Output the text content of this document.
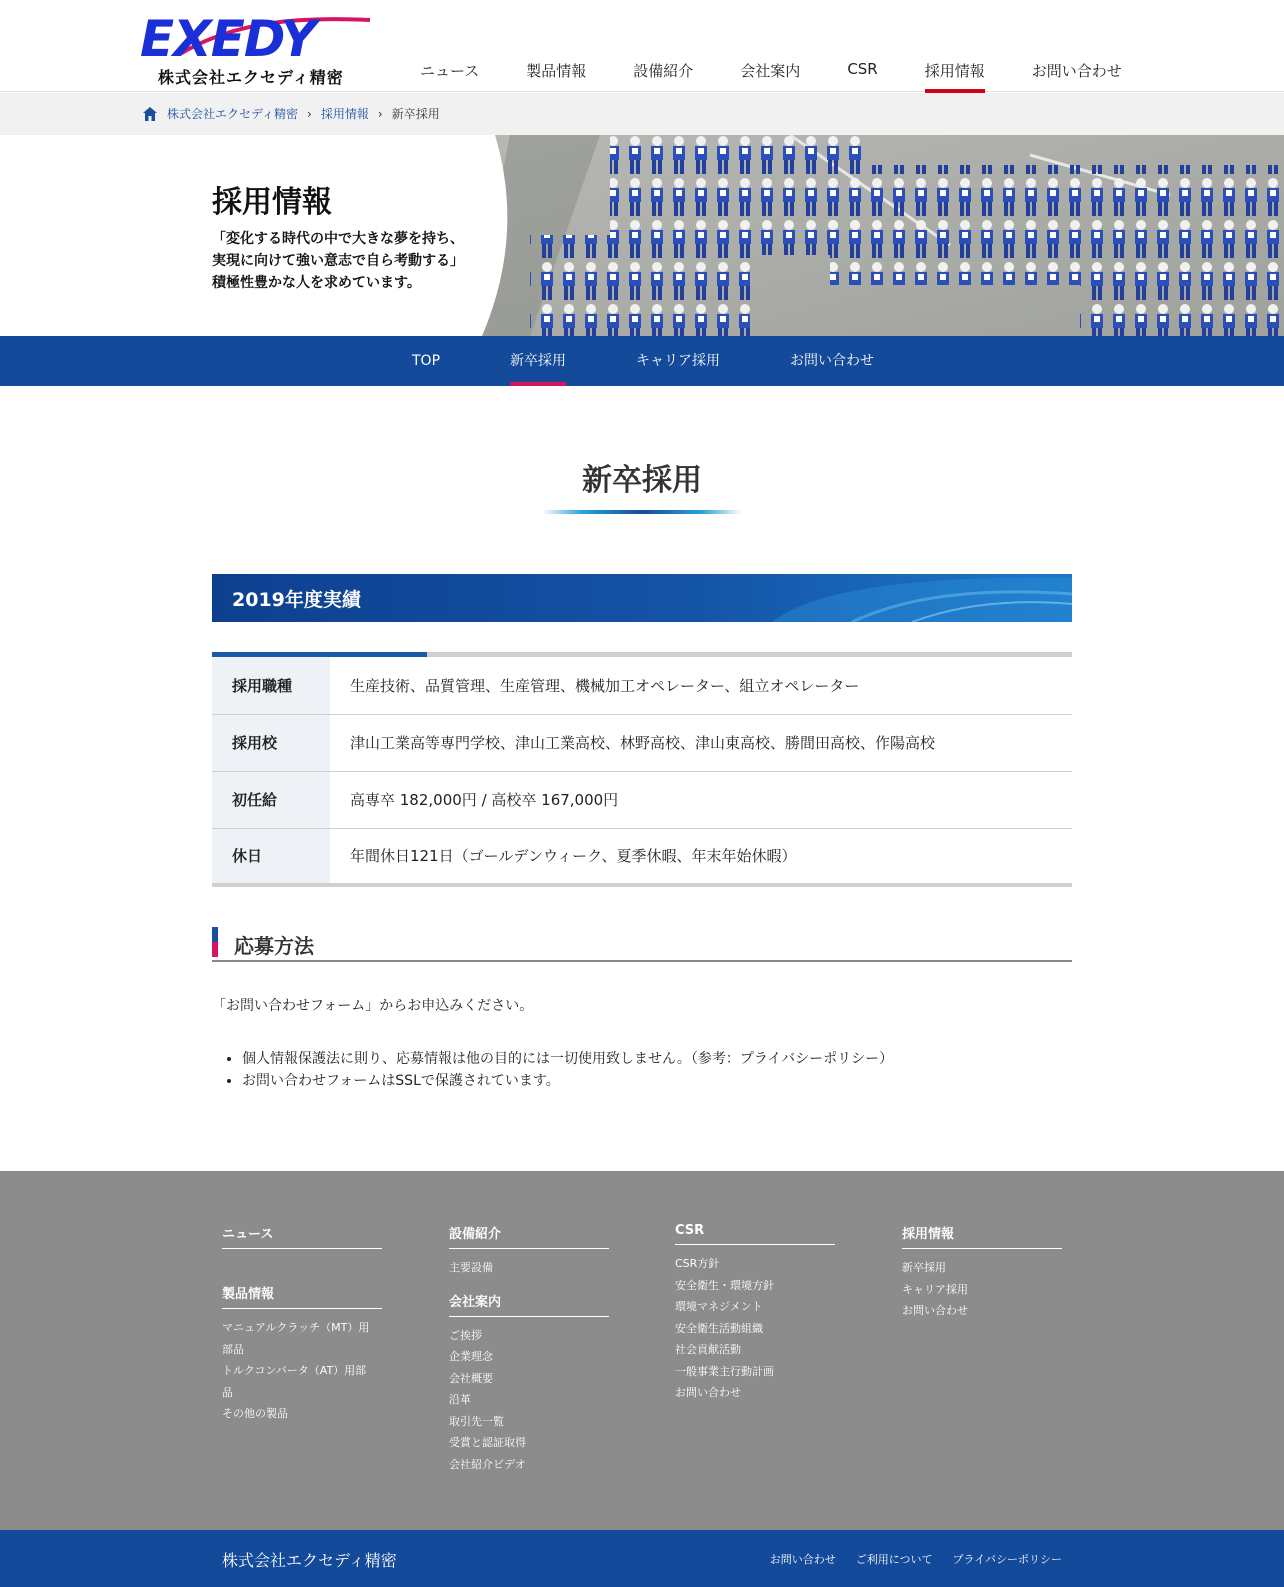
EXEDY
株式会社エクセディ精密	ニュース	製品情報	設備紹介	会社案内	CSR	採用情報	お問い合わせ
株式会社エクセディ精密 › 採用情報 › 新卒採用
採用情報
「変化する時代の中で大きな夢を持ち、
実現に向けて強い意志で自ら考動する」
積極性豊かな人を求めています。
TOP	新卒採用	キャリア採用	お問い合わせ
新卒採用
2019年度実績
採用職種	生産技術、品質管理、生産管理、機械加工オペレーター、組立オペレーター
採用校	津山工業高等専門学校、津山工業高校、林野高校、津山東高校、勝間田高校、作陽高校
初任給	高専卒 182,000円 / 高校卒 167,000円
休日	年間休日121日（ゴールデンウィーク、夏季休暇、年末年始休暇）
応募方法

「お問い合わせフォーム」からお申込みください。

• 個人情報保護法に則り、応募情報は他の目的には一切使用致しません。（参考：プライバシーポリシー）
• お問い合わせフォームはSSLで保護されています。
ニュース
製品情報
マニュアルクラッチ（MT）用
部品
トルクコンバータ（AT）用部
品
その他の製品
設備紹介
主要設備
会社案内
ご挨拶
企業理念
会社概要
沿革
取引先一覧
受賞と認証取得
会社紹介ビデオ
CSR
CSR方針
安全衛生・環境方針
環境マネジメント
安全衛生活動組織
社会貢献活動
一般事業主行動計画
お問い合わせ
採用情報
新卒採用
キャリア採用
お問い合わせ
株式会社エクセディ精密	お問い合わせ ご利用について プライバシーポリシー
